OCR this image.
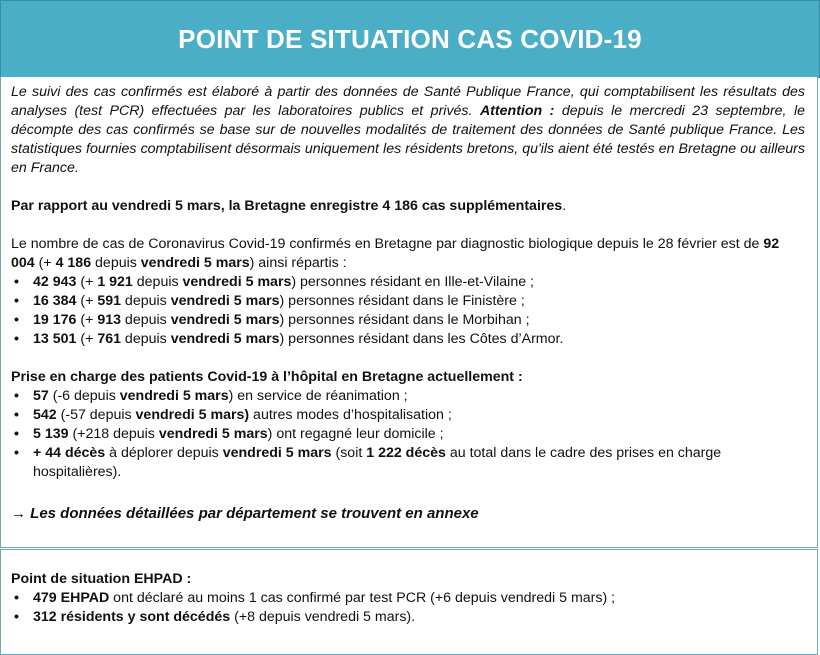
POINT DE SITUATION CAS COVID-19

Le suivi des cas confirmés est élaboré à partir des données de Santé Publique France, qui comptabilisent les résultats des analyses (test PCR) effectuées par les laboratoires publics et privés. Attention : depuis le mercredi 23 septembre, le décompte des cas confirmés se base sur de nouvelles modalités de traitement des données de Santé publique France. Les statistiques fournies comptabilisent désormais uniquement les résidents bretons, qu'ils aient été testés en Bretagne ou ailleurs en France.

Par rapport au vendredi 5 mars, la Bretagne enregistre 4 186 cas supplémentaires.

Le nombre de cas de Coronavirus Covid-19 confirmés en Bretagne par diagnostic biologique depuis le 28 février est de 92 004 (+ 4 186 depuis vendredi 5 mars) ainsi répartis :

• 42 943 (+ 1 921 depuis vendredi 5 mars) personnes résidant en Ille-et-Vilaine ;
• 16 384 (+ 591 depuis vendredi 5 mars) personnes résidant dans le Finistère ;
• 19 176 (+ 913 depuis vendredi 5 mars) personnes résidant dans le Morbihan ;
• 13 501 (+ 761 depuis vendredi 5 mars) personnes résidant dans les Côtes d’Armor.

Prise en charge des patients Covid-19 à l’hôpital en Bretagne actuellement :

• 57 (-6 depuis vendredi 5 mars) en service de réanimation ;
• 542 (-57 depuis vendredi 5 mars) autres modes d’hospitalisation ;
• 5 139 (+218 depuis vendredi 5 mars) ont regagné leur domicile ;
• + 44 décès à déplorer depuis vendredi 5 mars (soit 1 222 décès au total dans le cadre des prises en charge hospitalières).

→ Les données détaillées par département se trouvent en annexe

Point de situation EHPAD :

• 479 EHPAD ont déclaré au moins 1 cas confirmé par test PCR (+6 depuis vendredi 5 mars) ;
• 312 résidents y sont décédés (+8 depuis vendredi 5 mars).
